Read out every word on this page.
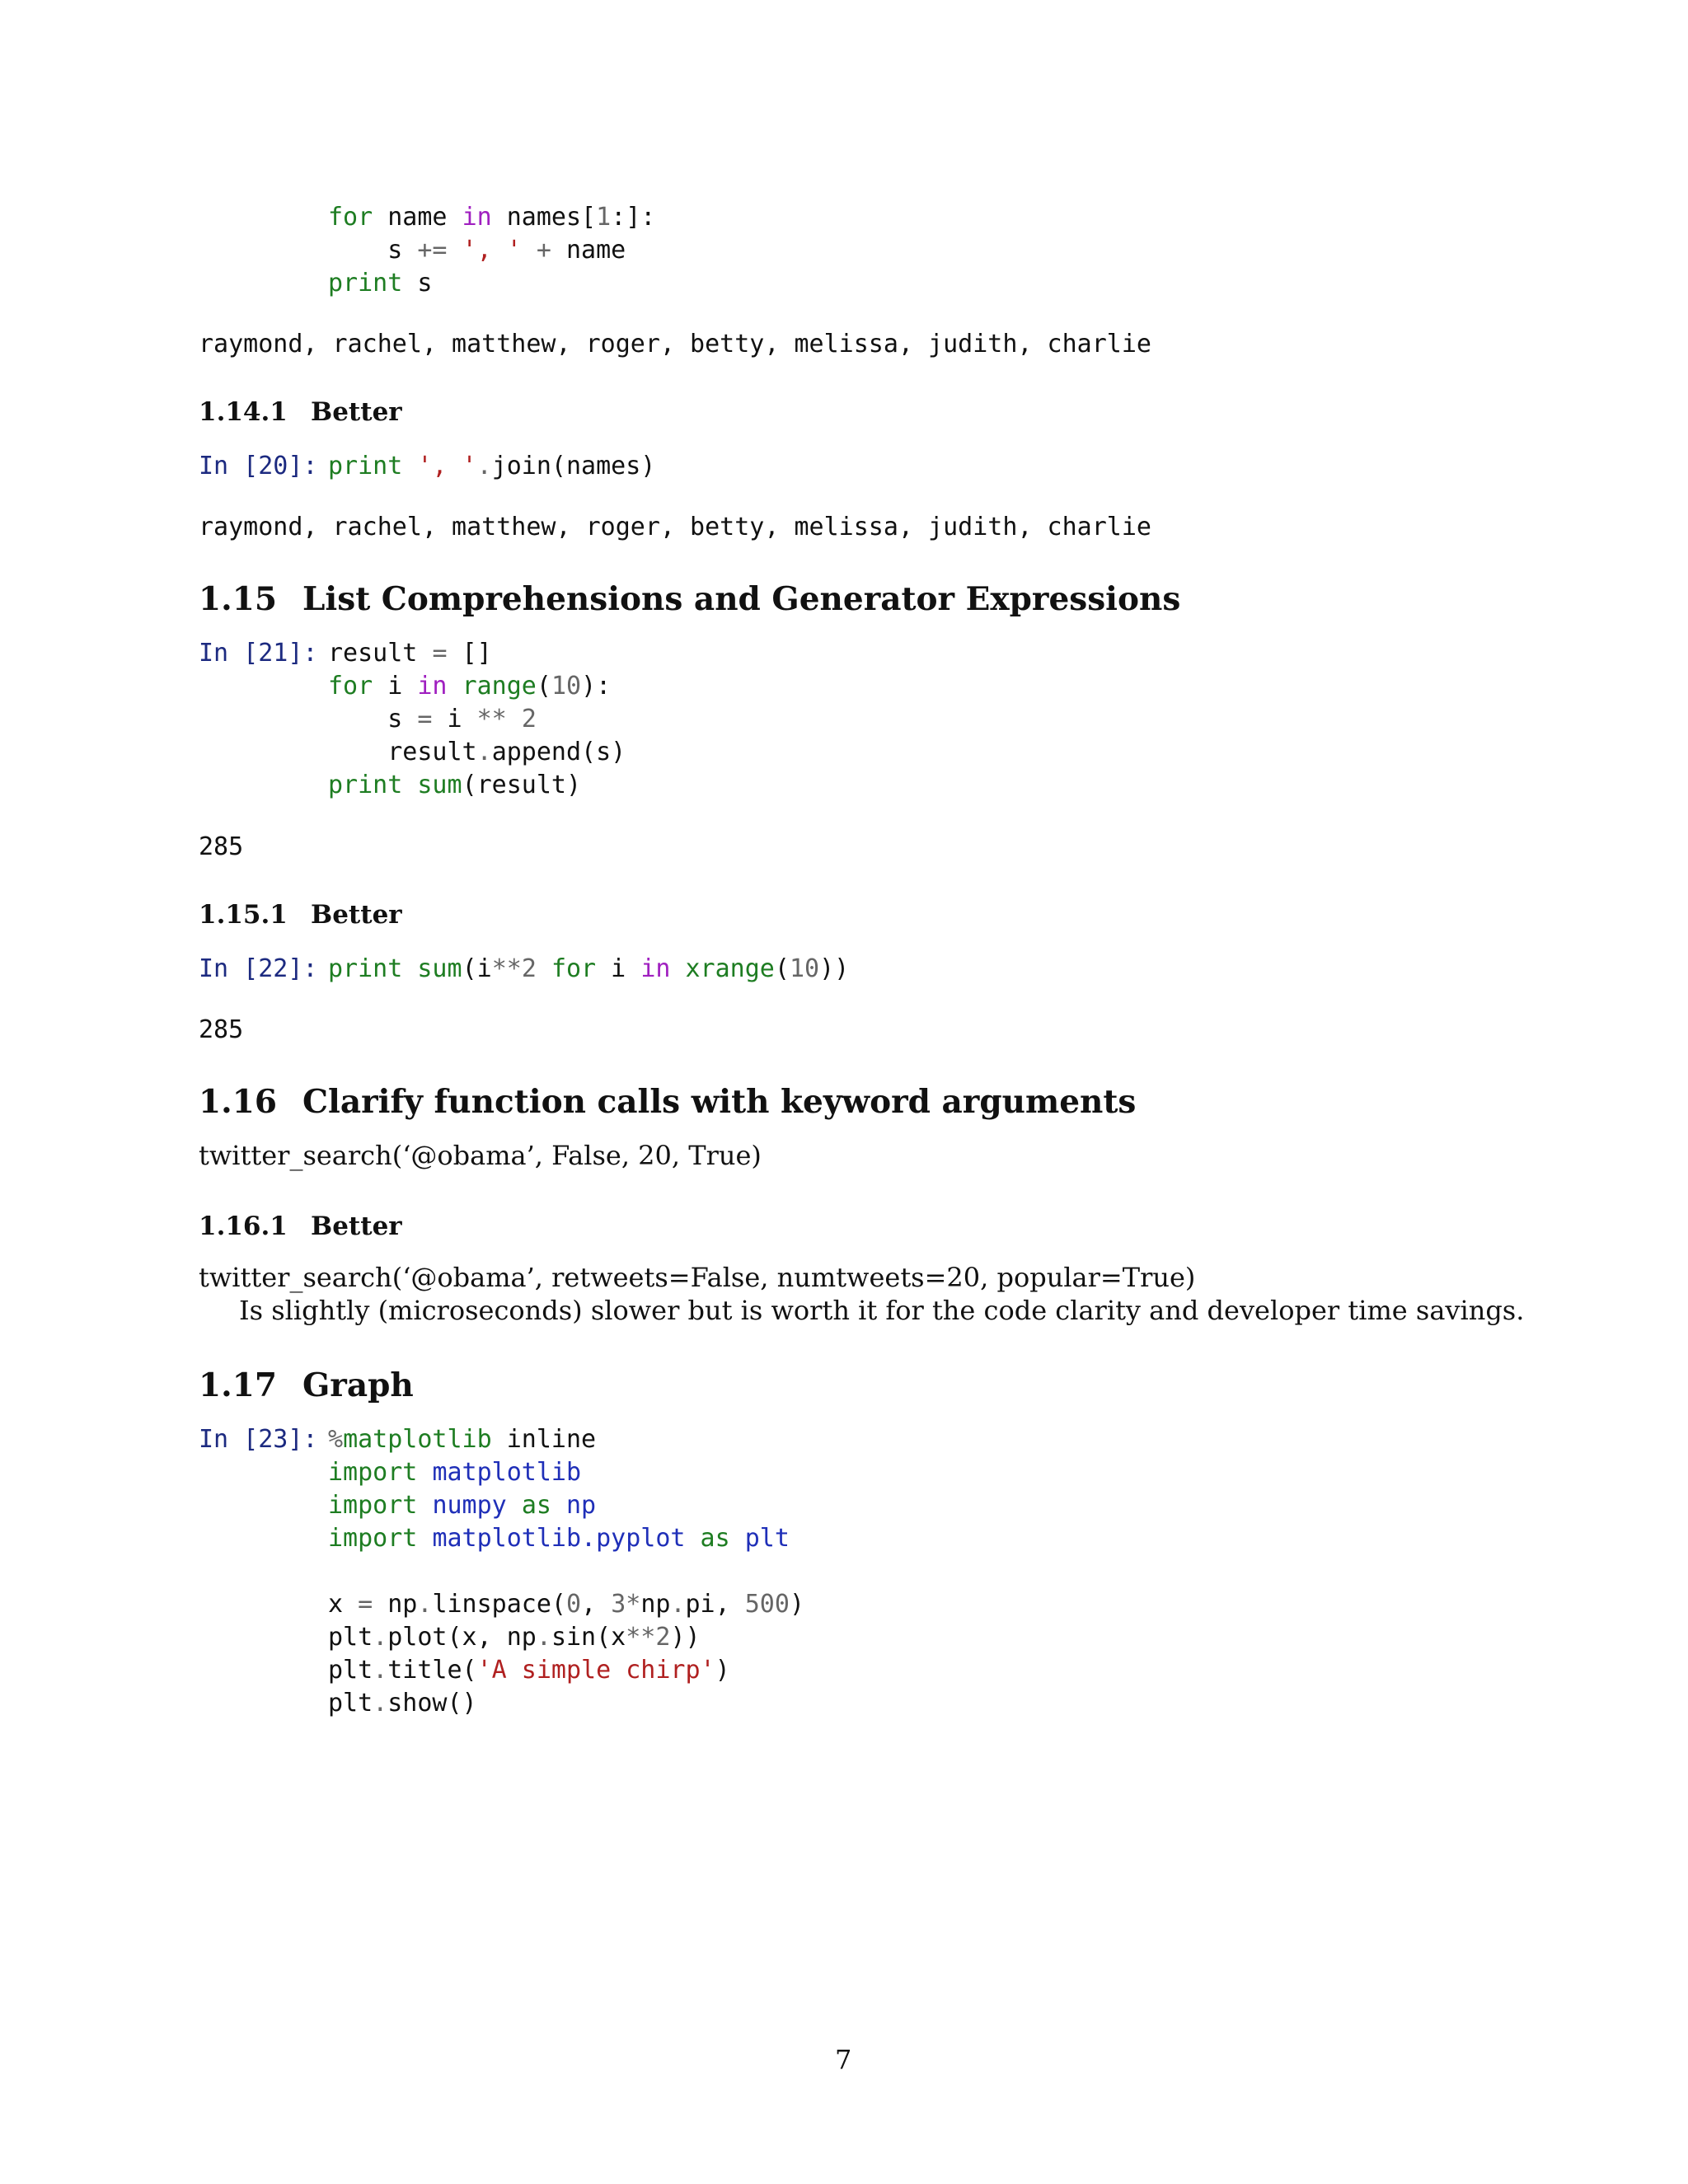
for name in names[1:]:
s += ', ' + name
print s
raymond, rachel, matthew, roger, betty, melissa, judith, charlie
1.14.1 Better
In [20]: print ', '.join(names)
raymond, rachel, matthew, roger, betty, melissa, judith, charlie
1.15 List Comprehensions and Generator Expressions
In [21]: result = []
for i in range(10):
s = i ** 2
result.append(s)
print sum(result)
285
1.15.1 Better
In [22]: print sum(i**2 for i in xrange(10))
285
1.16 Clarify function calls with keyword arguments
twitter_search(‘@obama’, False, 20, True)
1.16.1 Better
twitter_search(‘@obama’, retweets=False, numtweets=20, popular=True)
Is slightly (microseconds) slower but is worth it for the code clarity and developer time savings.
1.17 Graph
In [23]: %matplotlib inline
import matplotlib
import numpy as np
import matplotlib.pyplot as plt
x = np.linspace(0, 3*np.pi, 500)
plt.plot(x, np.sin(x**2))
plt.title('A simple chirp')
plt.show()
7
